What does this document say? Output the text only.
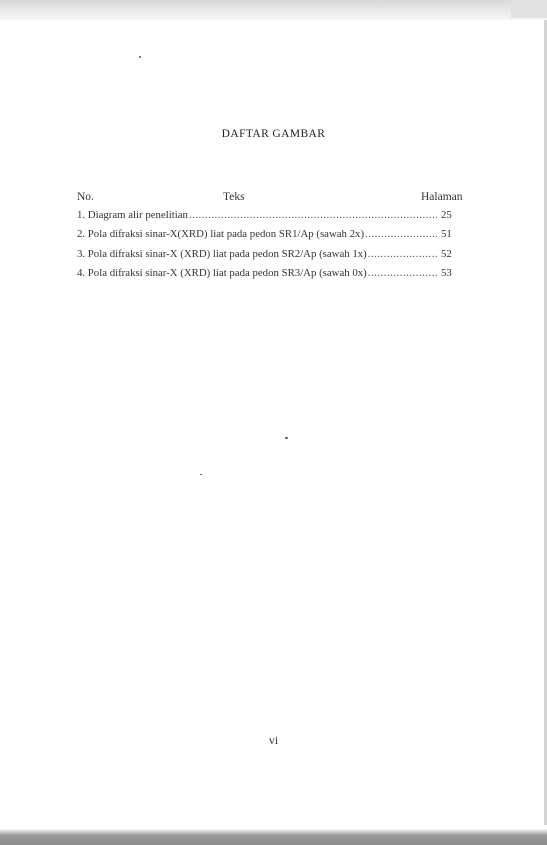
DAFTAR GAMBAR
No.	Teks	Halaman
1. Diagram alir penelitian .....	25
2. Pola difraksi sinar-X(XRD) liat pada pedon SR1/Ap (sawah 2x) .....	51
3. Pola difraksi sinar-X (XRD) liat pada pedon SR2/Ap (sawah 1x) .....	52
4. Pola difraksi sinar-X (XRD) liat pada pedon SR3/Ap (sawah 0x) .....	53
vi
